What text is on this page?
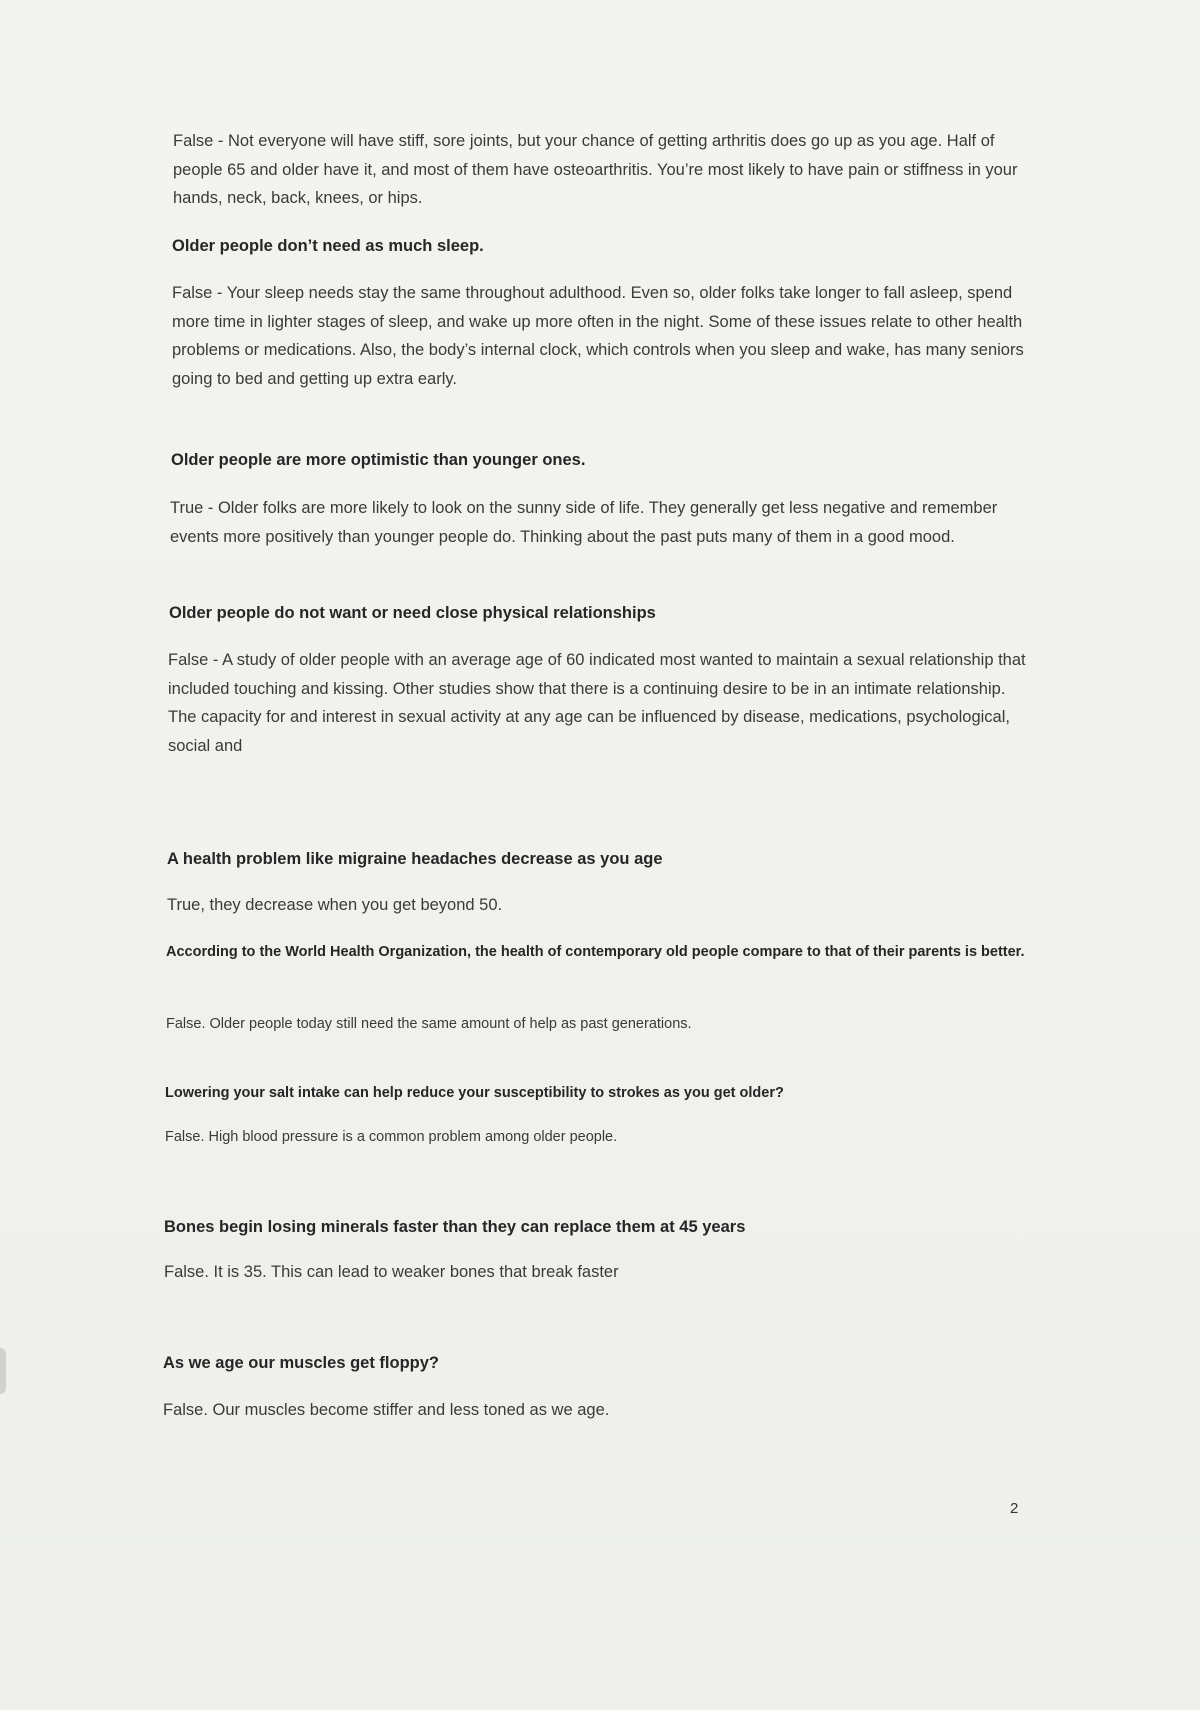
False - Not everyone will have stiff, sore joints, but your chance of getting arthritis does go up as you age. Half of people 65 and older have it, and most of them have osteoarthritis. You’re most likely to have pain or stiffness in your hands, neck, back, knees, or hips.

Older people don’t need as much sleep.

False - Your sleep needs stay the same throughout adulthood. Even so, older folks take longer to fall asleep, spend more time in lighter stages of sleep, and wake up more often in the night. Some of these issues relate to other health problems or medications. Also, the body’s internal clock, which controls when you sleep and wake, has many seniors going to bed and getting up extra early.

Older people are more optimistic than younger ones.

True - Older folks are more likely to look on the sunny side of life. They generally get less negative and remember events more positively than younger people do. Thinking about the past puts many of them in a good mood.

Older people do not want or need close physical relationships

False - A study of older people with an average age of 60 indicated most wanted to maintain a sexual relationship that included touching and kissing. Other studies show that there is a continuing desire to be in an intimate relationship. The capacity for and interest in sexual activity at any age can be influenced by disease, medications, psychological, social and

A health problem like migraine headaches decrease as you age

True, they decrease when you get beyond 50.

According to the World Health Organization, the health of contemporary old people compare to that of their parents is better.

False. Older people today still need the same amount of help as past generations.

Lowering your salt intake can help reduce your susceptibility to strokes as you get older?

False. High blood pressure is a common problem among older people.

Bones begin losing minerals faster than they can replace them at 45 years

False. It is 35. This can lead to weaker bones that break faster

As we age our muscles get floppy?

False. Our muscles become stiffer and less toned as we age.

2
